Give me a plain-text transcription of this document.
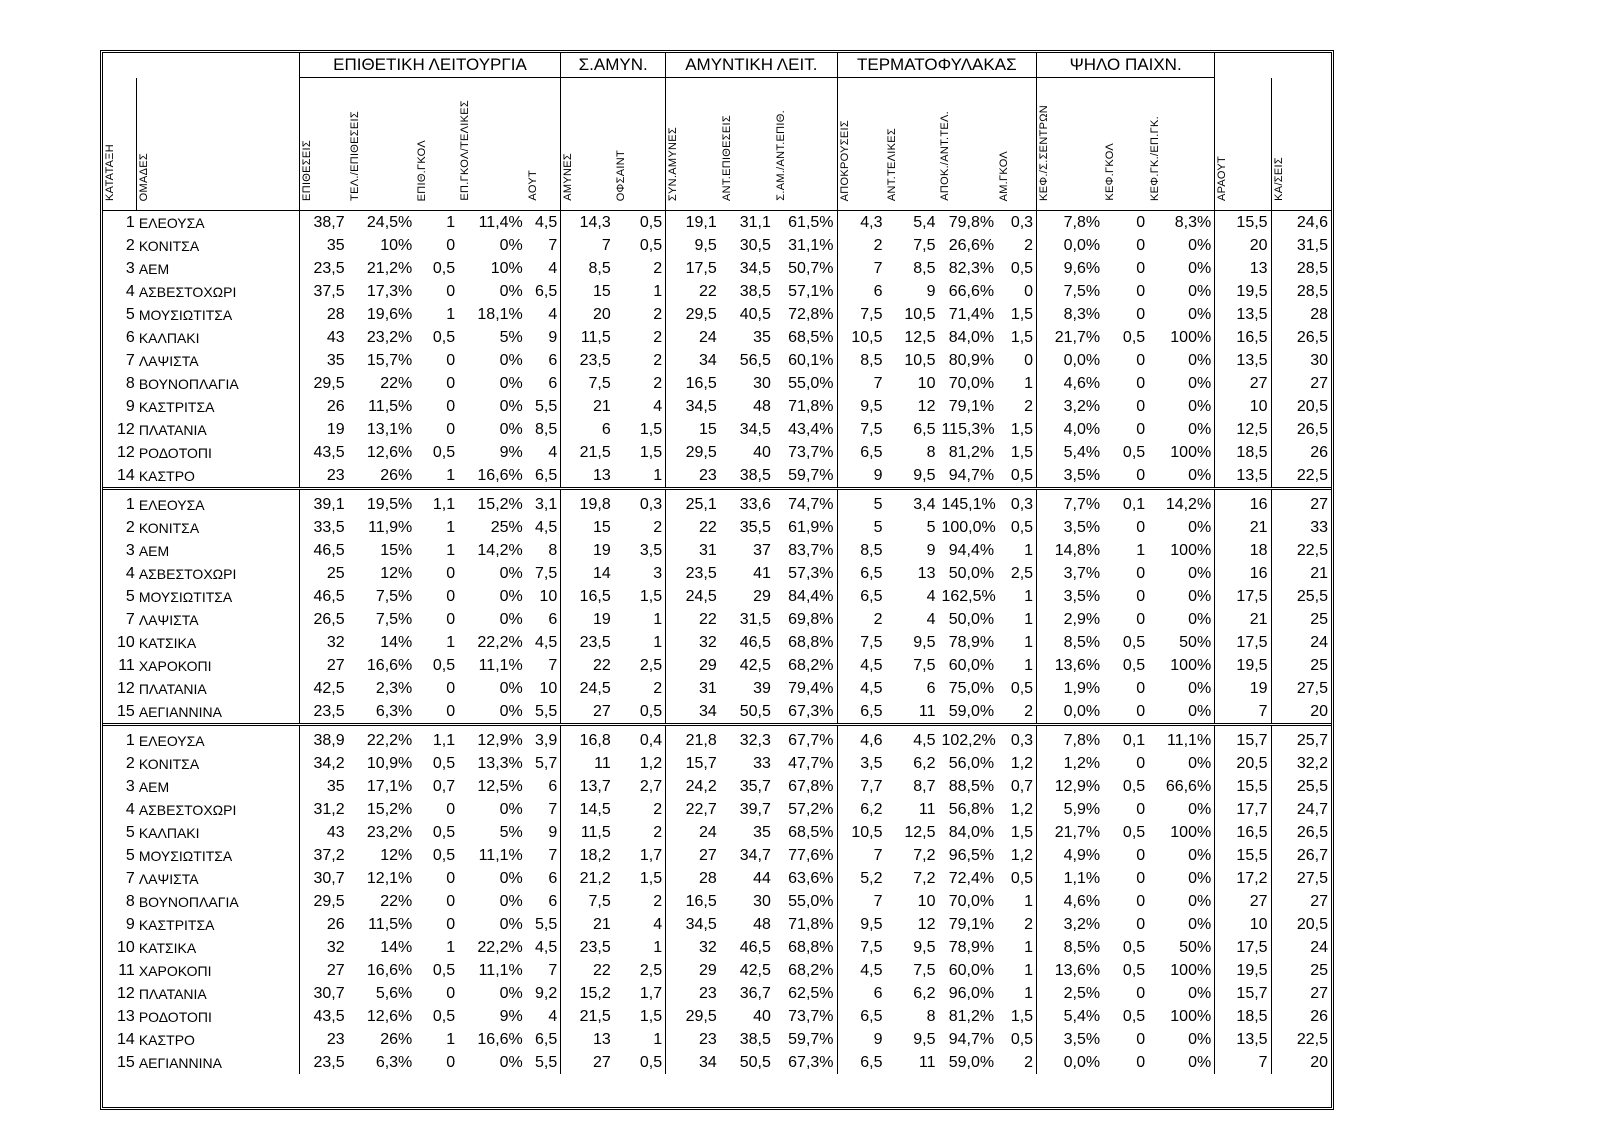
		ΕΠΙΘΕΤΙΚΗ ΛΕΙΤΟΥΡΓΙΑ					Σ.ΑΜΥΝ.		ΑΜΥΝΤΙΚΗ ΛΕΙΤ.			ΤΕΡΜΑΤΟΦΥΛΑΚΑΣ				ΨΗΛΟ ΠΑΙΧΝ.				
ΚΑΤΑΤΑΞΗ	ΟΜΑΔΕΣ	ΕΠΙΘΕΣΕΙΣ	ΤΕΛ./ΕΠΙΘΕΣΕΙΣ	ΕΠΙΘ.ΓΚΟΛ	ΕΠ.ΓΚΟΛ/ΤΕΛΙΚΕΣ	ΑΟΥΤ	ΑΜΥΝΕΣ	ΟΦΣΑΙΝΤ	ΣΥΝ.ΑΜΥΝΕΣ	ΑΝΤ.ΕΠΙΘΕΣΕΙΣ	Σ.ΑΜ./ΑΝΤ.ΕΠΙΘ.	ΑΠΟΚΡΟΥΣΕΙΣ	ΑΝΤ.ΤΕΛΙΚΕΣ	ΑΠΟΚ./ΑΝΤ.ΤΕΛ.	ΑΜ.ΓΚΟΛ	ΚΕΦ./Σ.ΣΕΝΤΡΩΝ	ΚΕΦ.ΓΚΟΛ	ΚΕΦ.ΓΚ./ΕΠ.ΓΚ.	ΑΡΑΟΥΤ	ΚΑ/ΣΕΙΣ
1	ΕΛΕΟΥΣΑ	38,7	24,5%	1	11,4%	4,5	14,3	0,5	19,1	31,1	61,5%	4,3	5,4	79,8%	0,3	7,8%	0	8,3%	15,5	24,6
2	ΚΟΝΙΤΣΑ	35	10%	0	0%	7	7	0,5	9,5	30,5	31,1%	2	7,5	26,6%	2	0,0%	0	0%	20	31,5
3	ΑΕΜ	23,5	21,2%	0,5	10%	4	8,5	2	17,5	34,5	50,7%	7	8,5	82,3%	0,5	9,6%	0	0%	13	28,5
4	ΑΣΒΕΣΤΟΧΩΡΙ	37,5	17,3%	0	0%	6,5	15	1	22	38,5	57,1%	6	9	66,6%	0	7,5%	0	0%	19,5	28,5
5	ΜΟΥΣΙΩΤΙΤΣΑ	28	19,6%	1	18,1%	4	20	2	29,5	40,5	72,8%	7,5	10,5	71,4%	1,5	8,3%	0	0%	13,5	28
6	ΚΑΛΠΑΚΙ	43	23,2%	0,5	5%	9	11,5	2	24	35	68,5%	10,5	12,5	84,0%	1,5	21,7%	0,5	100%	16,5	26,5
7	ΛΑΨΙΣΤΑ	35	15,7%	0	0%	6	23,5	2	34	56,5	60,1%	8,5	10,5	80,9%	0	0,0%	0	0%	13,5	30
8	ΒΟΥΝΟΠΛΑΓΙΑ	29,5	22%	0	0%	6	7,5	2	16,5	30	55,0%	7	10	70,0%	1	4,6%	0	0%	27	27
9	ΚΑΣΤΡΙΤΣΑ	26	11,5%	0	0%	5,5	21	4	34,5	48	71,8%	9,5	12	79,1%	2	3,2%	0	0%	10	20,5
12	ΠΛΑΤΑΝΙΑ	19	13,1%	0	0%	8,5	6	1,5	15	34,5	43,4%	7,5	6,5	115,3%	1,5	4,0%	0	0%	12,5	26,5
12	ΡΟΔΟΤΟΠΙ	43,5	12,6%	0,5	9%	4	21,5	1,5	29,5	40	73,7%	6,5	8	81,2%	1,5	5,4%	0,5	100%	18,5	26
14	ΚΑΣΤΡΟ	23	26%	1	16,6%	6,5	13	1	23	38,5	59,7%	9	9,5	94,7%	0,5	3,5%	0	0%	13,5	22,5
1	ΕΛΕΟΥΣΑ	39,1	19,5%	1,1	15,2%	3,1	19,8	0,3	25,1	33,6	74,7%	5	3,4	145,1%	0,3	7,7%	0,1	14,2%	16	27
2	ΚΟΝΙΤΣΑ	33,5	11,9%	1	25%	4,5	15	2	22	35,5	61,9%	5	5	100,0%	0,5	3,5%	0	0%	21	33
3	ΑΕΜ	46,5	15%	1	14,2%	8	19	3,5	31	37	83,7%	8,5	9	94,4%	1	14,8%	1	100%	18	22,5
4	ΑΣΒΕΣΤΟΧΩΡΙ	25	12%	0	0%	7,5	14	3	23,5	41	57,3%	6,5	13	50,0%	2,5	3,7%	0	0%	16	21
5	ΜΟΥΣΙΩΤΙΤΣΑ	46,5	7,5%	0	0%	10	16,5	1,5	24,5	29	84,4%	6,5	4	162,5%	1	3,5%	0	0%	17,5	25,5
7	ΛΑΨΙΣΤΑ	26,5	7,5%	0	0%	6	19	1	22	31,5	69,8%	2	4	50,0%	1	2,9%	0	0%	21	25
10	ΚΑΤΣΙΚΑ	32	14%	1	22,2%	4,5	23,5	1	32	46,5	68,8%	7,5	9,5	78,9%	1	8,5%	0,5	50%	17,5	24
11	ΧΑΡΟΚΟΠΙ	27	16,6%	0,5	11,1%	7	22	2,5	29	42,5	68,2%	4,5	7,5	60,0%	1	13,6%	0,5	100%	19,5	25
12	ΠΛΑΤΑΝΙΑ	42,5	2,3%	0	0%	10	24,5	2	31	39	79,4%	4,5	6	75,0%	0,5	1,9%	0	0%	19	27,5
15	ΑΕΓΙΑΝΝΙΝΑ	23,5	6,3%	0	0%	5,5	27	0,5	34	50,5	67,3%	6,5	11	59,0%	2	0,0%	0	0%	7	20
1	ΕΛΕΟΥΣΑ	38,9	22,2%	1,1	12,9%	3,9	16,8	0,4	21,8	32,3	67,7%	4,6	4,5	102,2%	0,3	7,8%	0,1	11,1%	15,7	25,7
2	ΚΟΝΙΤΣΑ	34,2	10,9%	0,5	13,3%	5,7	11	1,2	15,7	33	47,7%	3,5	6,2	56,0%	1,2	1,2%	0	0%	20,5	32,2
3	ΑΕΜ	35	17,1%	0,7	12,5%	6	13,7	2,7	24,2	35,7	67,8%	7,7	8,7	88,5%	0,7	12,9%	0,5	66,6%	15,5	25,5
4	ΑΣΒΕΣΤΟΧΩΡΙ	31,2	15,2%	0	0%	7	14,5	2	22,7	39,7	57,2%	6,2	11	56,8%	1,2	5,9%	0	0%	17,7	24,7
5	ΚΑΛΠΑΚΙ	43	23,2%	0,5	5%	9	11,5	2	24	35	68,5%	10,5	12,5	84,0%	1,5	21,7%	0,5	100%	16,5	26,5
5	ΜΟΥΣΙΩΤΙΤΣΑ	37,2	12%	0,5	11,1%	7	18,2	1,7	27	34,7	77,6%	7	7,2	96,5%	1,2	4,9%	0	0%	15,5	26,7
7	ΛΑΨΙΣΤΑ	30,7	12,1%	0	0%	6	21,2	1,5	28	44	63,6%	5,2	7,2	72,4%	0,5	1,1%	0	0%	17,2	27,5
8	ΒΟΥΝΟΠΛΑΓΙΑ	29,5	22%	0	0%	6	7,5	2	16,5	30	55,0%	7	10	70,0%	1	4,6%	0	0%	27	27
9	ΚΑΣΤΡΙΤΣΑ	26	11,5%	0	0%	5,5	21	4	34,5	48	71,8%	9,5	12	79,1%	2	3,2%	0	0%	10	20,5
10	ΚΑΤΣΙΚΑ	32	14%	1	22,2%	4,5	23,5	1	32	46,5	68,8%	7,5	9,5	78,9%	1	8,5%	0,5	50%	17,5	24
11	ΧΑΡΟΚΟΠΙ	27	16,6%	0,5	11,1%	7	22	2,5	29	42,5	68,2%	4,5	7,5	60,0%	1	13,6%	0,5	100%	19,5	25
12	ΠΛΑΤΑΝΙΑ	30,7	5,6%	0	0%	9,2	15,2	1,7	23	36,7	62,5%	6	6,2	96,0%	1	2,5%	0	0%	15,7	27
13	ΡΟΔΟΤΟΠΙ	43,5	12,6%	0,5	9%	4	21,5	1,5	29,5	40	73,7%	6,5	8	81,2%	1,5	5,4%	0,5	100%	18,5	26
14	ΚΑΣΤΡΟ	23	26%	1	16,6%	6,5	13	1	23	38,5	59,7%	9	9,5	94,7%	0,5	3,5%	0	0%	13,5	22,5
15	ΑΕΓΙΑΝΝΙΝΑ	23,5	6,3%	0	0%	5,5	27	0,5	34	50,5	67,3%	6,5	11	59,0%	2	0,0%	0	0%	7	20
